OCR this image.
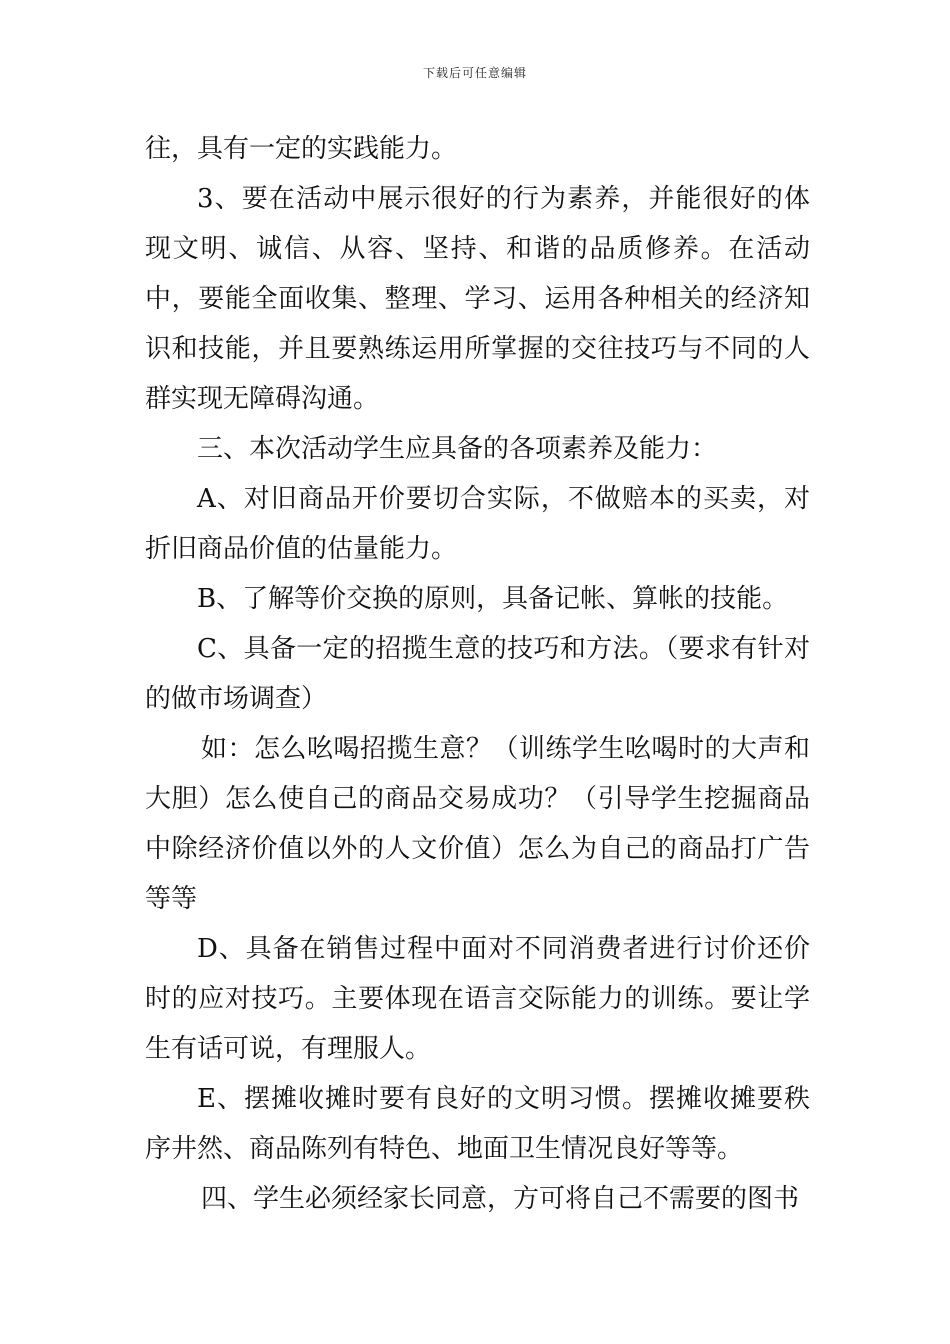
下载后可任意编辑

往，具有一定的实践能力。

3、要在活动中展示很好的行为素养，并能很好的体现文明、诚信、从容、坚持、和谐的品质修养。在活动中，要能全面收集、整理、学习、运用各种相关的经济知识和技能，并且要熟练运用所掌握的交往技巧与不同的人群实现无障碍沟通。

三、本次活动学生应具备的各项素养及能力：

A、对旧商品开价要切合实际，不做赔本的买卖，对折旧商品价值的估量能力。

B、了解等价交换的原则，具备记帐、算帐的技能。

C、具备一定的招揽生意的技巧和方法。（要求有针对的做市场调查）

如：怎么吆喝招揽生意？（训练学生吆喝时的大声和大胆）怎么使自己的商品交易成功？（引导学生挖掘商品中除经济价值以外的人文价值）怎么为自己的商品打广告等等

D、具备在销售过程中面对不同消费者进行讨价还价时的应对技巧。主要体现在语言交际能力的训练。要让学生有话可说，有理服人。

E、摆摊收摊时要有良好的文明习惯。摆摊收摊要秩序井然、商品陈列有特色、地面卫生情况良好等等。

四、学生必须经家长同意，方可将自己不需要的图书
